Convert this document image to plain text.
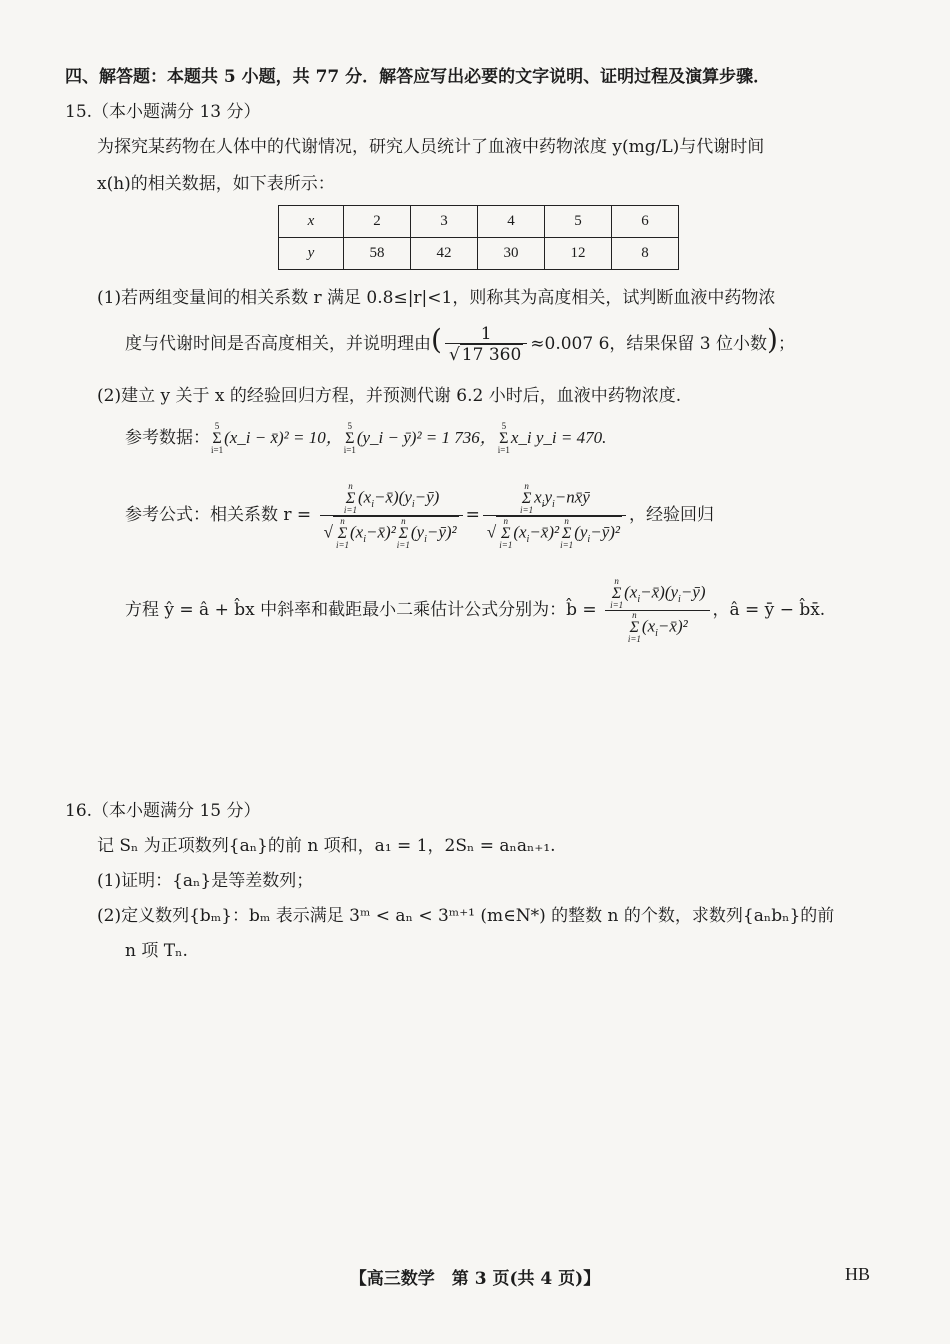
四、解答题：本题共 5 小题，共 77 分．解答应写出必要的文字说明、证明过程及演算步骤．
15.（本小题满分 13 分）
为探究某药物在人体中的代谢情况，研究人员统计了血液中药物浓度 y(mg/L)与代谢时间
x(h)的相关数据，如下表所示：
x	2	3	4	5	6
y	58	42	30	12	8
(1)若两组变量间的相关系数 r 满足 0.8≤|r|<1，则称其为高度相关，试判断血液中药物浓
度与代谢时间是否高度相关，并说明理由( $\frac{1}{√ 17 360} \approx 0.007$ 6，结果保留 3 位小数)；
(2)建立 y 关于 x 的经验回归方程，并预测代谢 6.2 小时后，血液中药物浓度.
参考数据：5
Σ
i=1(x_i − x̄)² = 10，5
Σ
i=1(y_i − ȳ)² = 1 736，5
Σ
i=1x_i y_i = 470.
参考公式：相关系数 r = n
Σ
$i=1(x_i-x̄)(y_i-ȳ)$
√n
Σ
$i=1(x_i-x̄)^2n$
Σ
$i=1(y_i-ȳ)^2 = n$
Σ
$i=1x_iy_i-nx̄ȳ$
√n
Σ
$i=1(x_i-x̄)^2n$
Σ
$i=1(y_i-ȳ)^2$ ，经验回归
方程 ŷ = â + b̂x 中斜率和截距最小二乘估计公式分别为：b̂ = n
Σ
$i=1(x_i-x̄)(y_i-ȳ)$
n
Σ
$i=1(x_i-x̄)^2$ ，â = ȳ − b̂x̄.
16.（本小题满分 15 分）
记 Sₙ 为正项数列{aₙ}的前 n 项和，a₁ = 1，2Sₙ = aₙaₙ₊₁.
(1)证明：{aₙ}是等差数列；
(2)定义数列{bₘ}：bₘ 表示满足 3ᵐ < aₙ < 3ᵐ⁺¹ (m∈N*) 的整数 n 的个数，求数列{aₙbₙ}的前
n 项 Tₙ.
【高三数学　第 3 页(共 4 页)】	HB
